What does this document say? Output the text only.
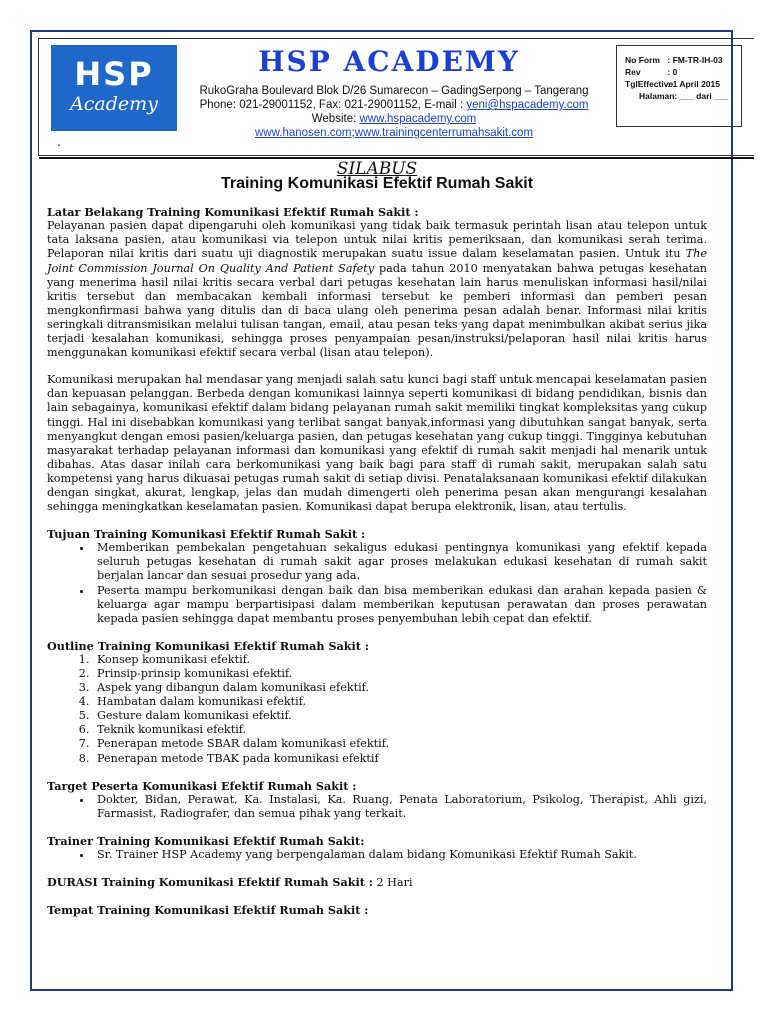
HSP
Academy
HSP ACADEMY
RukoGraha Boulevard Blok D/26 Sumarecon – GadingSerpong – Tangerang
Phone: 021-29001152, Fax: 021-29001152, E-mail : yeni@hspacademy.com
Website: www.hspacademy.com
www.hanosen.com;www.trainingcenterrumahsakit.com
.
No Form : FM-TR-IH-03
Rev	: 0
TglEffective : 1 April 2015
Halaman: ___ dari ___
SILABUS
Training Komunikasi Efektif Rumah Sakit
Latar Belakang Training Komunikasi Efektif Rumah Sakit :

Pelayanan pasien dapat dipengaruhi oleh komunikasi yang tidak baik termasuk perintah lisan atau telepon untuk tata laksana pasien, atau komunikasi via telepon untuk nilai kritis pemeriksaan, dan komunikasi serah terima. Pelaporan nilai kritis dari suatu uji diagnostik merupakan suatu issue dalam keselamatan pasien. Untuk itu The Joint Commission Journal On Quality And Patient Safety pada tahun 2010 menyatakan bahwa petugas kesehatan yang menerima hasil nilai kritis secara verbal dari petugas kesehatan lain harus menuliskan informasi hasil/nilai kritis tersebut dan membacakan kembali informasi tersebut ke pemberi informasi dan pemberi pesan mengkonfirmasi bahwa yang ditulis dan di baca ulang oleh penerima pesan adalah benar. Informasi nilai kritis seringkali ditransmisikan melalui tulisan tangan, email, atau pesan teks yang dapat menimbulkan akibat serius jika terjadi kesalahan komunikasi, sehingga proses penyampaian pesan/instruksi/pelaporan hasil nilai kritis harus menggunakan komunikasi efektif secara verbal (lisan atau telepon).

Komunikasi merupakan hal mendasar yang menjadi salah satu kunci bagi staff untuk mencapai keselamatan pasien dan kepuasan pelanggan. Berbeda dengan komunikasi lainnya seperti komunikasi di bidang pendidikan, bisnis dan lain sebagainya, komunikasi efektif dalam bidang pelayanan rumah sakit memiliki tingkat kompleksitas yang cukup tinggi. Hal ini disebabkan komunikasi yang terlibat sangat banyak,informasi yang dibutuhkan sangat banyak, serta menyangkut dengan emosi pasien/keluarga pasien, dan petugas kesehatan yang cukup tinggi. Tingginya kebutuhan masyarakat terhadap pelayanan informasi dan komunikasi yang efektif di rumah sakit menjadi hal menarik untuk dibahas. Atas dasar inilah cara berkomunikasi yang baik bagi para staff di rumah sakit, merupakan salah satu kompetensi yang harus dikuasai petugas rumah sakit di setiap divisi. Penatalaksanaan komunikasi efektif dilakukan dengan singkat, akurat, lengkap, jelas dan mudah dimengerti oleh penerima pesan akan mengurangi kesalahan sehingga meningkatkan keselamatan pasien. Komunikasi dapat berupa elektronik, lisan, atau tertulis.

Tujuan Training Komunikasi Efektif Rumah Sakit :
• Memberikan pembekalan pengetahuan sekaligus edukasi pentingnya komunikasi yang efektif kepada seluruh petugas kesehatan di rumah sakit agar proses melakukan edukasi kesehatan di rumah sakit berjalan lancar dan sesuai prosedur yang ada.
• Peserta mampu berkomunikasi dengan baik dan bisa memberikan edukasi dan arahan kepada pasien & keluarga agar mampu berpartisipasi dalam memberikan keputusan perawatan dan proses perawatan kepada pasien sehingga dapat membantu proses penyembuhan lebih cepat dan efektif.
Outline Training Komunikasi Efektif Rumah Sakit :
1. Konsep komunikasi efektif.
2. Prinsip-prinsip komunikasi efektif.
3. Aspek yang dibangun dalam komunikasi efektif.
4. Hambatan dalam komunikasi efektif.
5. Gesture dalam komunikasi efektif.
6. Teknik komunikasi efektif.
7. Penerapan metode SBAR dalam komunikasi efektif.
8. Penerapan metode TBAK pada komunikasi efektif
Target Peserta Komunikasi Efektif Rumah Sakit :
• Dokter, Bidan, Perawat, Ka. Instalasi, Ka. Ruang, Penata Laboratorium, Psikolog, Therapist, Ahli gizi, Farmasist, Radiografer, dan semua pihak yang terkait.
Trainer Training Komunikasi Efektif Rumah Sakit:
• Sr. Trainer HSP Academy yang berpengalaman dalam bidang Komunikasi Efektif Rumah Sakit.
DURASI Training Komunikasi Efektif Rumah Sakit : 2 Hari
Tempat Training Komunikasi Efektif Rumah Sakit :
